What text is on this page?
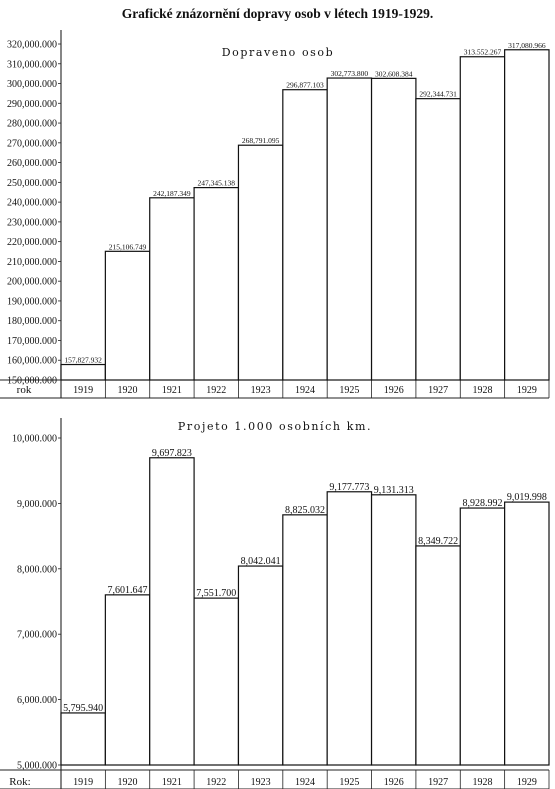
Grafické znázornění dopravy osob v létech 1919-1929.
150,000.000
160,000.000
170,000.000
180,000.000
190,000.000
200,000.000
210,000.000
220,000.000
230,000.000
240,000.000
250,000.000
260,000.000
270,000.000
280,000.000
290,000.000
300,000.000
310,000.000
320,000.000
rok	1919 1920 1921 1922 1923 1924 1925 1926 1927 1928 1929
157,827.932
215,106.749
242,187.349
247,345.138
268,791.095
296,877.103
302,773.800 302,608.384
292,344.731
313.552.267
317,080.966
Dopraveno osob
5,000.000
6,000.000
7,000.000
8,000.000
9,000.000
10,000.000
Rok:	1919 1920 1921 1922 1923 1924 1925 1926 1927 1928 1929
5,795.940
7,601.647
9,697.823
7,551.700
8,042.041
8,825.032
9,177.773 9,131.313
8,349.722
8,928.992
9,019.998
Projeto 1.000 osobních km.
